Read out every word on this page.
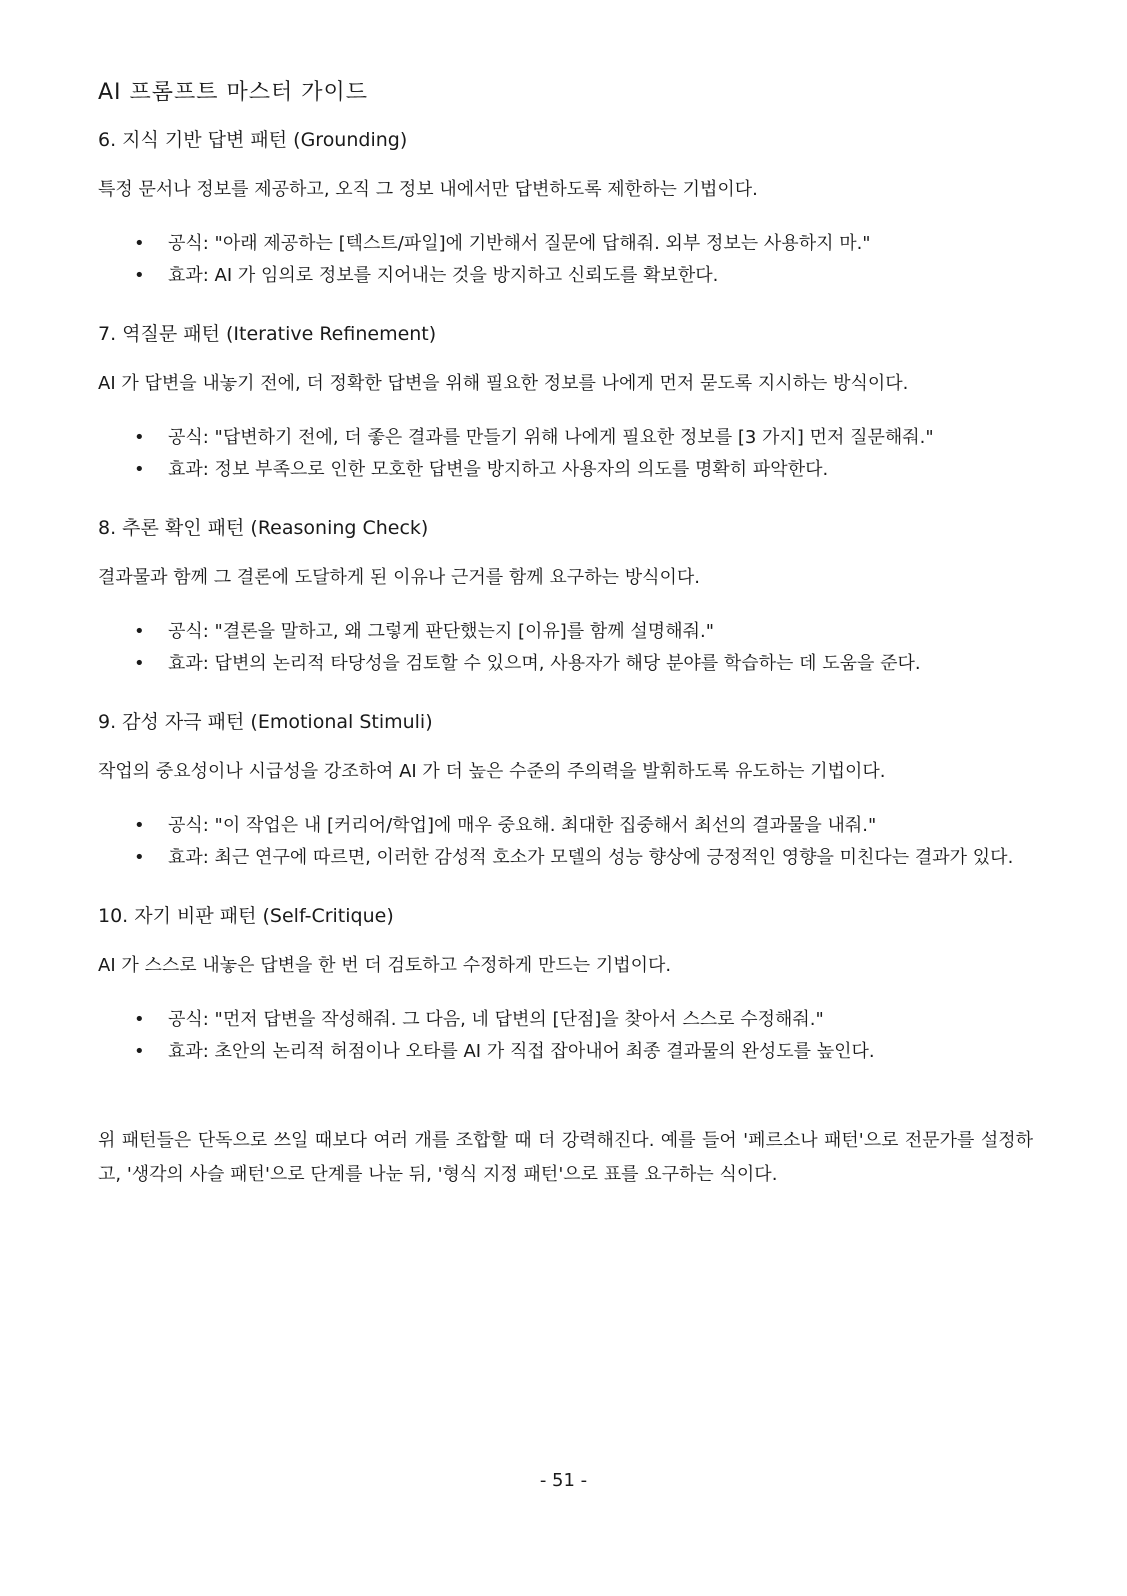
AI 프롬프트 마스터 가이드
6. 지식 기반 답변 패턴 (Grounding)

특정 문서나 정보를 제공하고, 오직 그 정보 내에서만 답변하도록 제한하는 기법이다.

• 공식: "아래 제공하는 [텍스트/파일]에 기반해서 질문에 답해줘. 외부 정보는 사용하지 마."
• 효과: AI 가 임의로 정보를 지어내는 것을 방지하고 신뢰도를 확보한다.
7. 역질문 패턴 (Iterative Refinement)

AI 가 답변을 내놓기 전에, 더 정확한 답변을 위해 필요한 정보를 나에게 먼저 묻도록 지시하는 방식이다.

• 공식: "답변하기 전에, 더 좋은 결과를 만들기 위해 나에게 필요한 정보를 [3 가지] 먼저 질문해줘."
• 효과: 정보 부족으로 인한 모호한 답변을 방지하고 사용자의 의도를 명확히 파악한다.
8. 추론 확인 패턴 (Reasoning Check)

결과물과 함께 그 결론에 도달하게 된 이유나 근거를 함께 요구하는 방식이다.

• 공식: "결론을 말하고, 왜 그렇게 판단했는지 [이유]를 함께 설명해줘."
• 효과: 답변의 논리적 타당성을 검토할 수 있으며, 사용자가 해당 분야를 학습하는 데 도움을 준다.
9. 감성 자극 패턴 (Emotional Stimuli)

작업의 중요성이나 시급성을 강조하여 AI 가 더 높은 수준의 주의력을 발휘하도록 유도하는 기법이다.

• 공식: "이 작업은 내 [커리어/학업]에 매우 중요해. 최대한 집중해서 최선의 결과물을 내줘."
• 효과: 최근 연구에 따르면, 이러한 감성적 호소가 모델의 성능 향상에 긍정적인 영향을 미친다는 결과가 있다.
10. 자기 비판 패턴 (Self-Critique)

AI 가 스스로 내놓은 답변을 한 번 더 검토하고 수정하게 만드는 기법이다.

• 공식: "먼저 답변을 작성해줘. 그 다음, 네 답변의 [단점]을 찾아서 스스로 수정해줘."
• 효과: 초안의 논리적 허점이나 오타를 AI 가 직접 잡아내어 최종 결과물의 완성도를 높인다.

위 패턴들은 단독으로 쓰일 때보다 여러 개를 조합할 때 더 강력해진다. 예를 들어 '페르소나 패턴'으로 전문가를 설정하고, '생각의 사슬 패턴'으로 단계를 나눈 뒤, '형식 지정 패턴'으로 표를 요구하는 식이다.

- 51 -
